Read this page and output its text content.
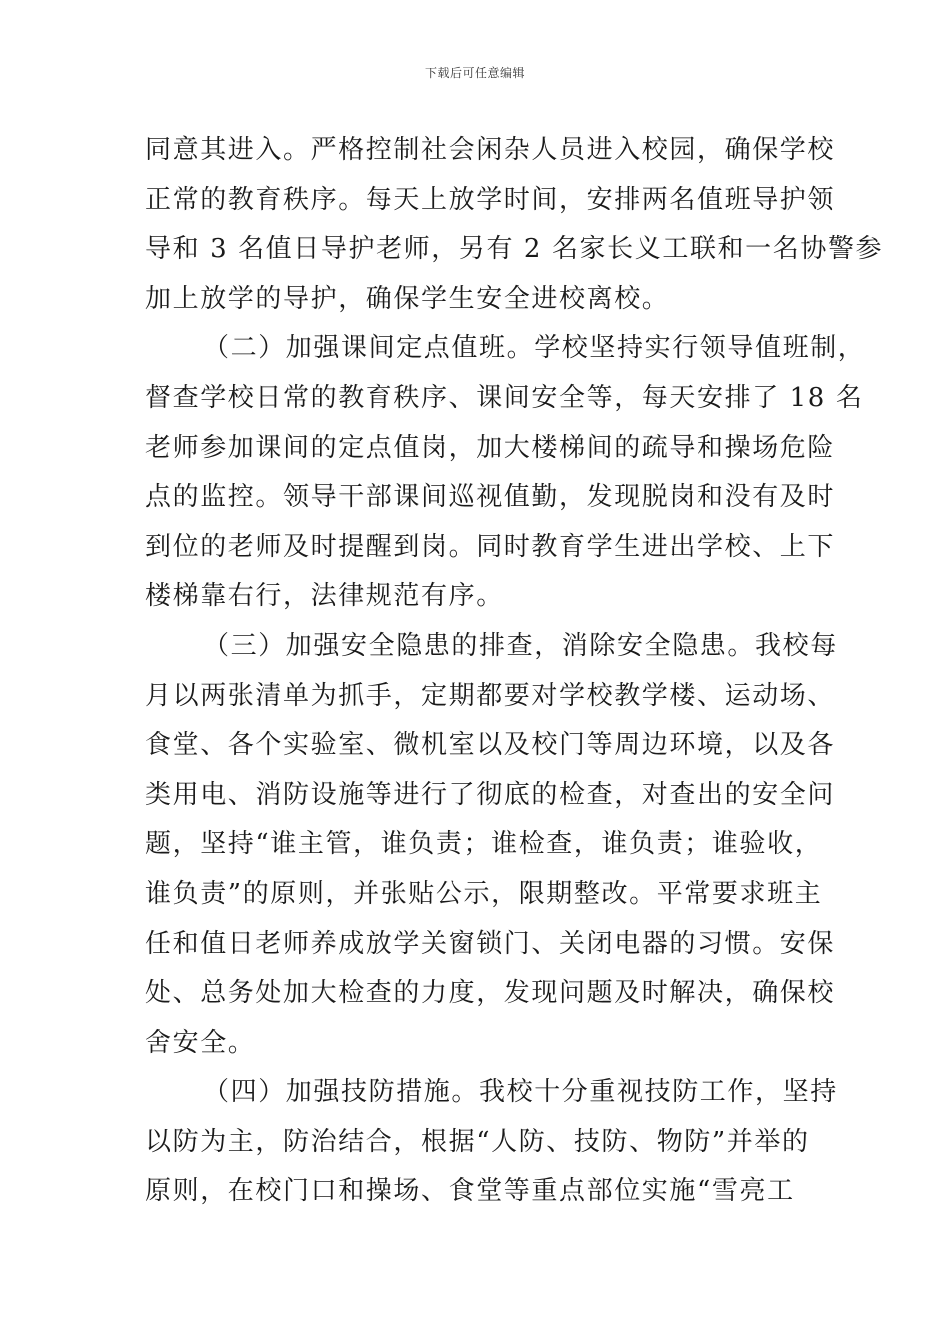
下载后可任意编辑
同意其进入。严格控制社会闲杂人员进入校园，确保学校
正常的教育秩序。每天上放学时间，安排两名值班导护领
导和 3 名值日导护老师，另有 2 名家长义工联和一名协警参
加上放学的导护，确保学生安全进校离校。
（二）加强课间定点值班。学校坚持实行领导值班制，
督查学校日常的教育秩序、课间安全等，每天安排了 18 名
老师参加课间的定点值岗，加大楼梯间的疏导和操场危险
点的监控。领导干部课间巡视值勤，发现脱岗和没有及时
到位的老师及时提醒到岗。同时教育学生进出学校、上下
楼梯靠右行，法律规范有序。
（三）加强安全隐患的排查，消除安全隐患。我校每
月以两张清单为抓手，定期都要对学校教学楼、运动场、
食堂、各个实验室、微机室以及校门等周边环境，以及各
类用电、消防设施等进行了彻底的检查，对查出的安全问
题，坚持“谁主管，谁负责；谁检查，谁负责；谁验收，
谁负责”的原则，并张贴公示，限期整改。平常要求班主
任和值日老师养成放学关窗锁门、关闭电器的习惯。安保
处、总务处加大检查的力度，发现问题及时解决，确保校
舍安全。
（四）加强技防措施。我校十分重视技防工作，坚持
以防为主，防治结合，根据“人防、技防、物防”并举的
原则，在校门口和操场、食堂等重点部位实施“雪亮工
